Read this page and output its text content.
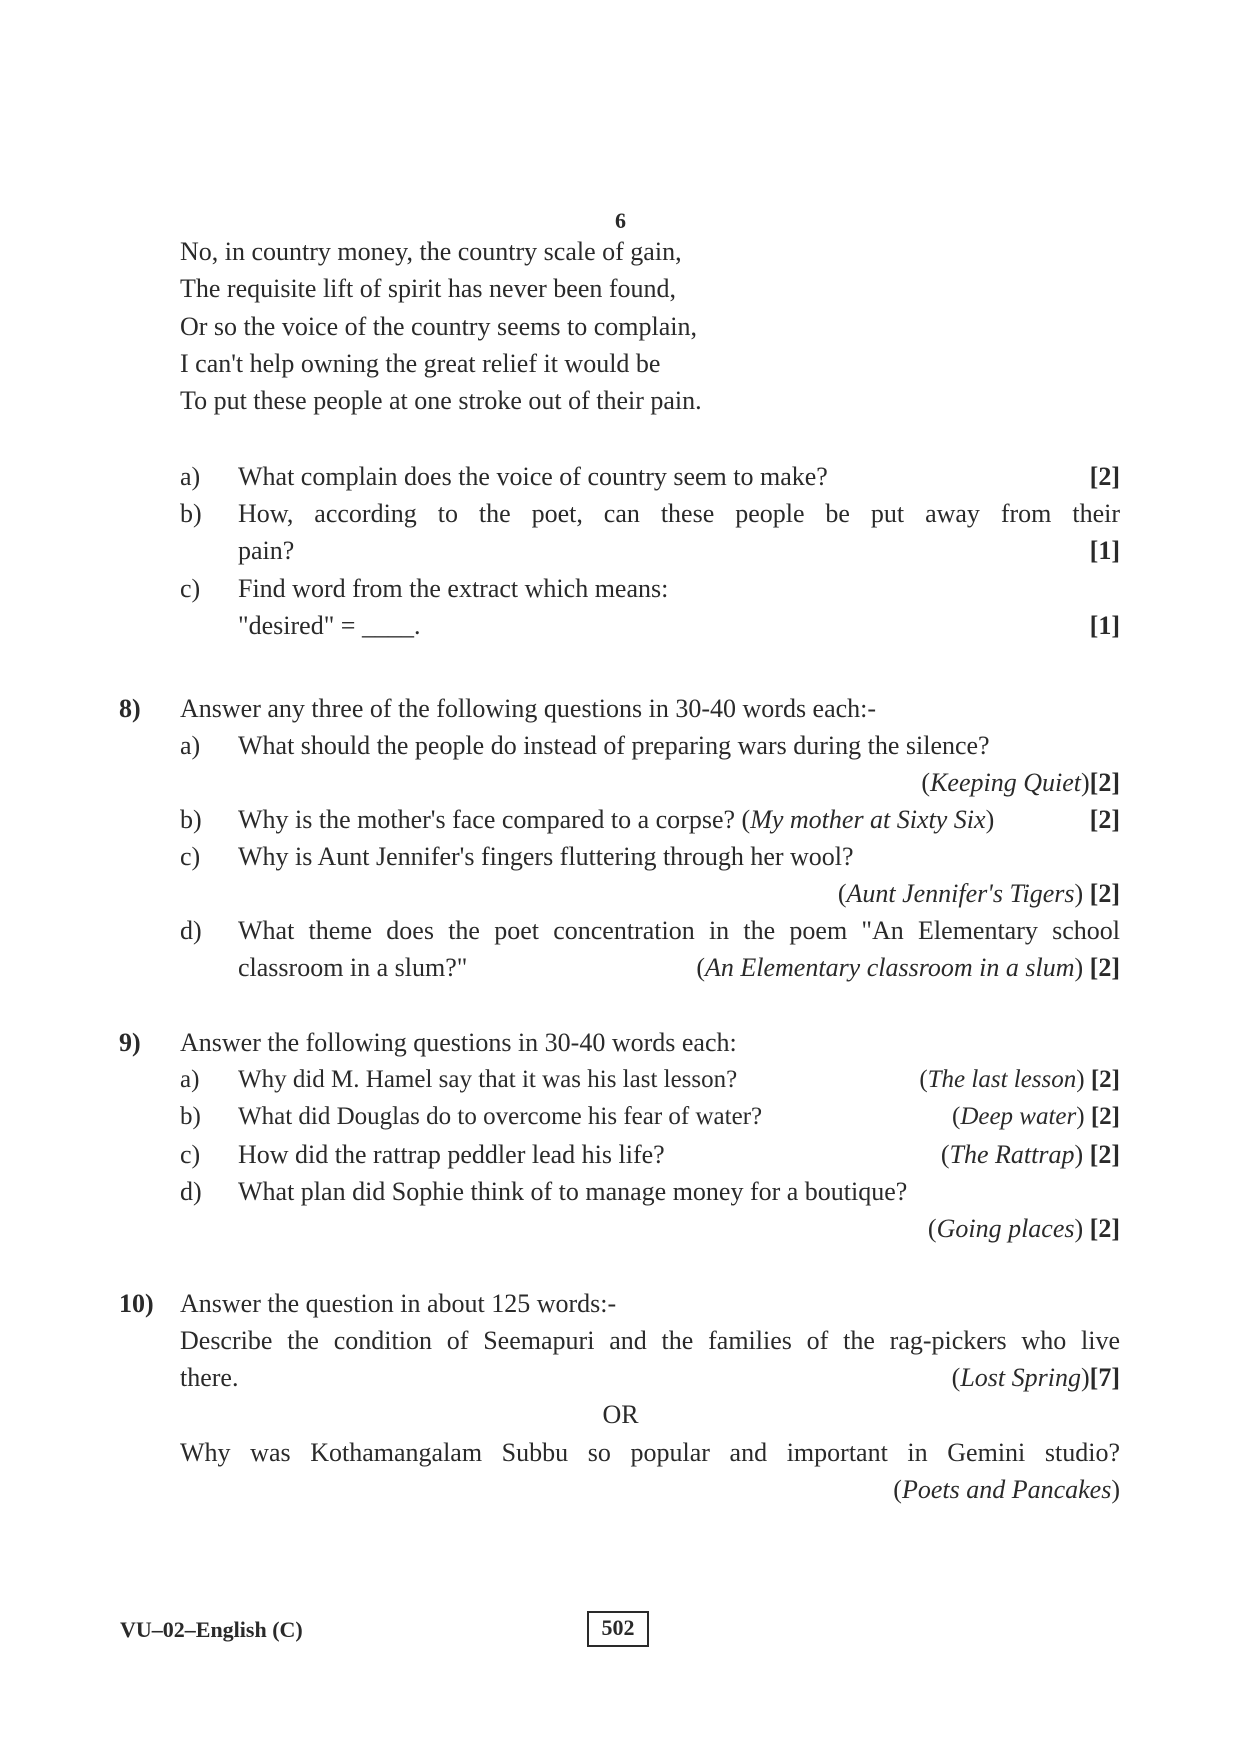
6
No, in country money, the country scale of gain,
The requisite lift of spirit has never been found,
Or so the voice of the country seems to complain,
I can't help owning the great relief it would be
To put these people at one stroke out of their pain.
a) What complain does the voice of country seem to make?	[2]
b) How, according to the poet, can these people be put away from their
pain?	[1]
c) Find word from the extract which means:
"desired" = ____.	[1]
8) Answer any three of the following questions in 30-40 words each:-
a) What should the people do instead of preparing wars during the silence?
(Keeping Quiet)[2]
b) Why is the mother's face compared to a corpse? (My mother at Sixty Six)	[2]
c) Why is Aunt Jennifer's fingers fluttering through her wool?
(Aunt Jennifer's Tigers) [2]
d) What theme does the poet concentration in the poem "An Elementary school
classroom in a slum?"	(An Elementary classroom in a slum) [2]
9) Answer the following questions in 30-40 words each:
a) Why did M. Hamel say that it was his last lesson?	(The last lesson) [2]
b) What did Douglas do to overcome his fear of water?	(Deep water) [2]
c) How did the rattrap peddler lead his life?	(The Rattrap) [2]
d) What plan did Sophie think of to manage money for a boutique?
(Going places) [2]
10) Answer the question in about 125 words:-
Describe the condition of Seemapuri and the families of the rag-pickers who live
there.	(Lost Spring)[7]
OR
Why was Kothamangalam Subbu so popular and important in Gemini studio?
(Poets and Pancakes)
VU–02–English (C)	502
